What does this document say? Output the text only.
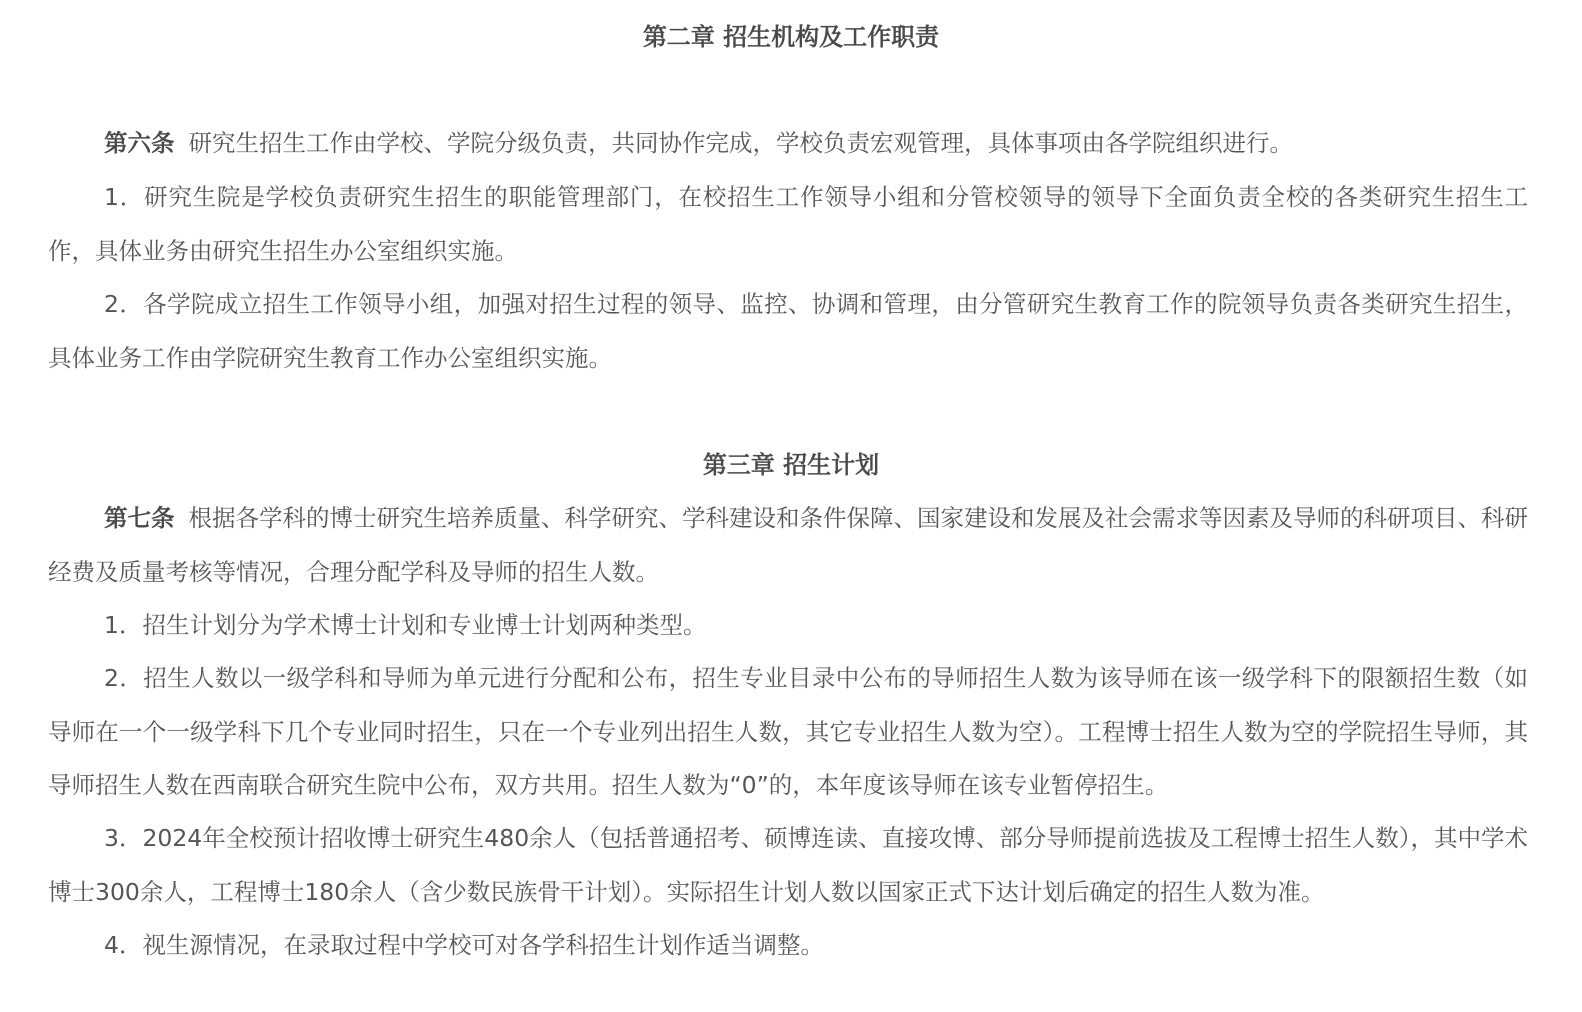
第二章 招生机构及工作职责
第六条 研究生招生工作由学校、学院分级负责，共同协作完成，学校负责宏观管理，具体事项由各学院组织进行。
1．研究生院是学校负责研究生招生的职能管理部门，在校招生工作领导小组和分管校领导的领导下全面负责全校的各类研究生招生工作，具体业务由研究生招生办公室组织实施。
2．各学院成立招生工作领导小组，加强对招生过程的领导、监控、协调和管理，由分管研究生教育工作的院领导负责各类研究生招生，具体业务工作由学院研究生教育工作办公室组织实施。
第三章 招生计划
第七条 根据各学科的博士研究生培养质量、科学研究、学科建设和条件保障、国家建设和发展及社会需求等因素及导师的科研项目、科研经费及质量考核等情况，合理分配学科及导师的招生人数。
1．招生计划分为学术博士计划和专业博士计划两种类型。
2．招生人数以一级学科和导师为单元进行分配和公布，招生专业目录中公布的导师招生人数为该导师在该一级学科下的限额招生数（如导师在一个一级学科下几个专业同时招生，只在一个专业列出招生人数，其它专业招生人数为空）。工程博士招生人数为空的学院招生导师，其导师招生人数在西南联合研究生院中公布，双方共用。招生人数为“0”的，本年度该导师在该专业暂停招生。
3．2024年全校预计招收博士研究生480余人（包括普通招考、硕博连读、直接攻博、部分导师提前选拔及工程博士招生人数），其中学术博士300余人，工程博士180余人（含少数民族骨干计划）。实际招生计划人数以国家正式下达计划后确定的招生人数为准。
4．视生源情况，在录取过程中学校可对各学科招生计划作适当调整。
